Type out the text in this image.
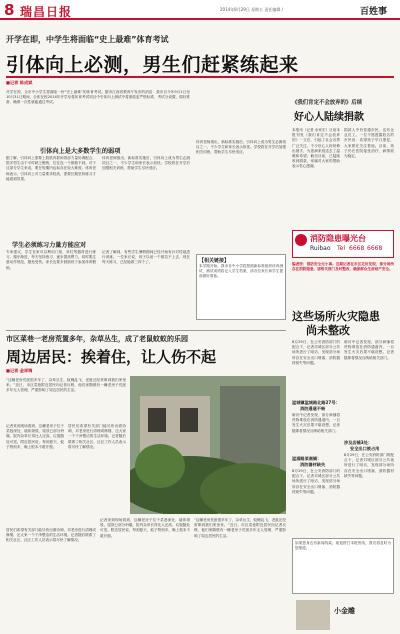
8 瑞昌日报	2014年8月29日 星期五 责任编辑 /	百姓事
开学在即，中学生将面临“史上最难”体育考试
引体向上必测，男生们赶紧练起来
■记者 陈成斌
开学在即，全市中小学生将面临一份“史上最难”的体育考试。据市江西省教育厅发布的消息：我市自今年9月1日至10月31日期间，全体在校2014年开学至将体育考试项目中引体向上测试中将面临更严格标准，考试分设置，做好准备，确保一次性就能通过考试。
引体向上是大多数学生的弱项
据了解，引体向上需要上肢肌肉群和背部力量协调配合，很多男生由于平时缺乏锻炼，往往连一个都做不到。对于这部分学生来说，要在短期内达标存在较大难度。体育老师表示，引体向上对力量要求较高，需要长期坚持练习才能看到效果。
学生必须练习力量方能应对
专家建议，学生在家可以利用门框、单杠等器材进行练习，循序渐进，每天坚持练习，逐步提高臂力。同时要注意动作规范，避免受伤。家长也要多鼓励孩子参加体育锻炼。
体育老师指出，新标准实施后，引体向上成为男生必测项目之一，不少学生和家长表示担忧。学校将在开学后加强相关训练，帮助学生尽快适应。
记者了解到，有些学生暑假期间已经开始有针对性地进行训练。一位家长说，孩子以前一个都拉不上去，现在每天练习，已经能做三四个了。
体育老师指出，新标准实施后，引体向上成为男生必测项目之一，不少学生和家长表示担忧。学校将在开学后加强相关训练，帮助学生尽快适应。
【相关链接】
本学期开始，我市各中小学将按照新标准组织体育测试，测试成绩将记入学生档案，请各位家长和学生提前做好准备。
《我们肯定不会放弃的》后续
好心人陆续捐款
本报讯（记者 余家宏）日前本报刊发《我们肯定不会放弃的》一文后，引起了社会各界广泛关注，不少好心人纷纷伸出援手，为患病家庭送去了温暖和希望。截至目前，已陆续收到捐款，家属对大家的帮助表示衷心感谢。
捐款人中有普通市民，也有企业员工。一位不愿透露姓名的市民说：希望孩子早日康复，大家都在关注着他。目前，孩子仍在医院接受治疗，病情较为稳定。
消防隐患曝光台
Ruibao Tel 6668 6668
编者按：消防安全无小事。近期记者在市区走访发现，部分场所存在消防隐患，请相关部门及时整改，确保群众生命财产安全。
这些场所火灾隐患
尚未整改
8月29日，在公安消防部门的配合下，记者对城区部分公共场所进行了暗访，发现部分场所存在安全出口堵塞、消防器材缺失等问题。
湓城镇湓城路北路27号：
消防通道不畅
暗访中记者发现，部分商铺将货物堆放在消防通道内，一旦发生火灾后果不堪设想。记者随即将情况反映给相关部门。
湓浦路某商铺：
消防器材缺失
8月29日，在公安消防部门的配合下，记者对城区部分公共场所进行了暗访，发现部分场所存在安全出口堵塞、消防器材缺失等问题。
暗访中记者发现，部分商铺将货物堆放在消防通道内，一旦发生火灾后果不堪设想。记者随即将情况反映给相关部门。
涉及店铺3处：
安全出口被占用
8月29日，在公安消防部门的配合下，记者对城区部分公共场所进行了暗访，发现部分场所存在安全出口堵塞、消防器材缺失等问题。
市区菜巷一老房荒置多年，杂草丛生，成了老鼠蚊蚁的乐园
周边居民：挨着住，让人伤不起
■记者 金祥瑞
“这幢老房荒废很多年了，杂草丛生，蚊蝇乱飞，老鼠还经常窜到我们家里来。”近日，市区菜巷附近居民向记者反映，他们家隔壁有一幢老房子荒废多年无人管理，严重影响了周边居民的生活。
记者来到现场看到，这幢老房子位于菜巷深处，墙体斑驳，屋顶已部分坍塌，院内杂草长得比人还高，垃圾随处可见。附近居民说，每到夏天，蚊子特别多，晚上根本不敢开窗。
居民们希望有关部门能尽快出面协调，对老房进行清理或修缮，还大家一个干净整洁的生活环境。记者随后联系了相关社区，社区工作人员表示将尽快了解情况。
居民们希望有关部门能尽快出面协调，对老房进行清理或修缮，还大家一个干净整洁的生活环境。记者随后联系了相关社区，社区工作人员表示将尽快了解情况。
记者来到现场看到，这幢老房子位于菜巷深处，墙体斑驳，屋顶已部分坍塌，院内杂草长得比人还高，垃圾随处可见。附近居民说，每到夏天，蚊子特别多，晚上根本不敢开窗。
“这幢老房荒废很多年了，杂草丛生，蚊蝇乱飞，老鼠还经常窜到我们家里来。”近日，市区菜巷附近居民向记者反映，他们家隔壁有一幢老房子荒废多年无人管理，严重影响了周边居民的生活。
如果您身边有新闻线索，欢迎拨打本报热线，我们将及时为您报道。
小金雕
